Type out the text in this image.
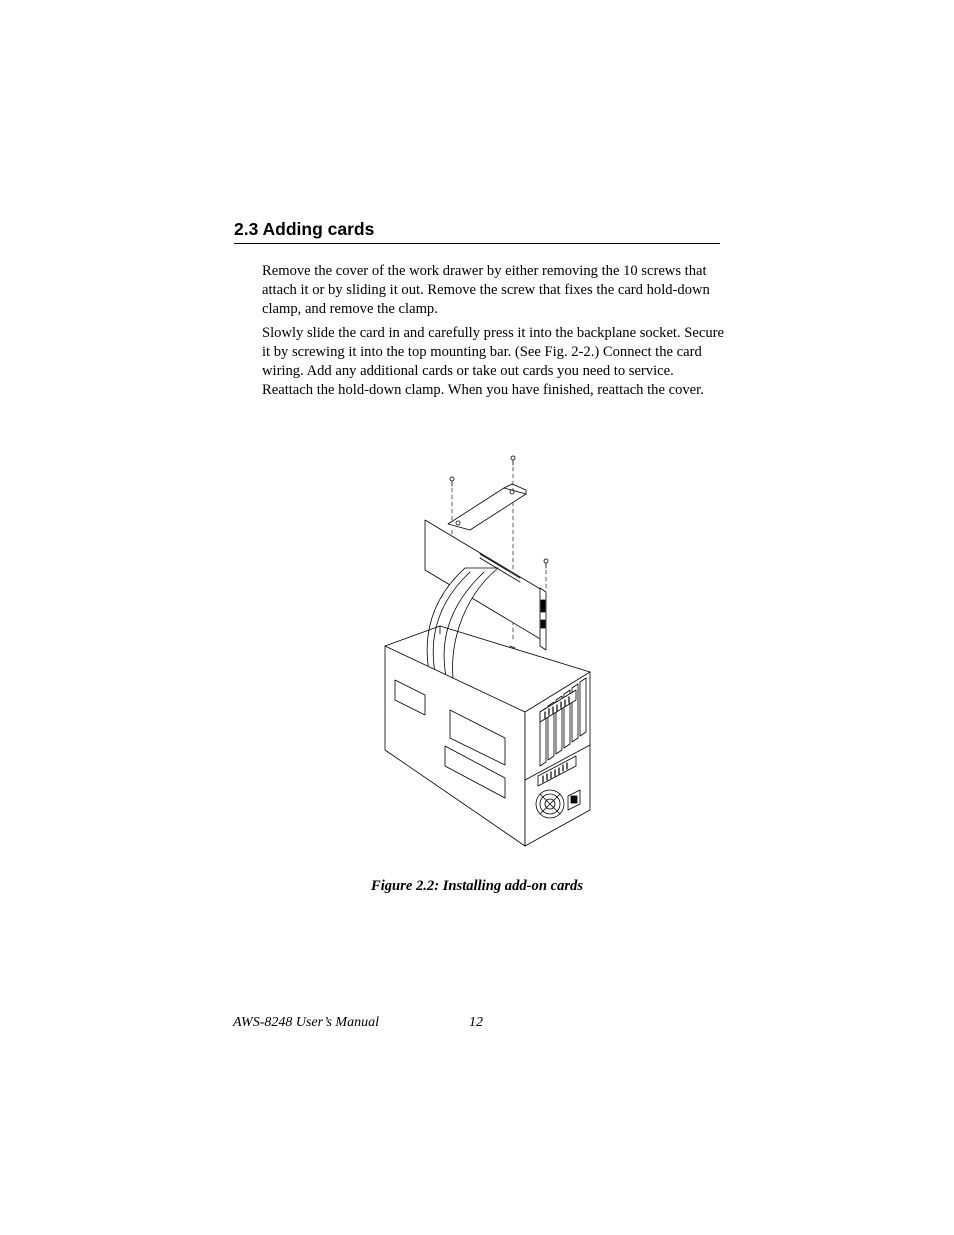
2.3 Adding cards

Remove the cover of the work drawer by either removing the 10 screws that attach it or by sliding it out. Remove the screw that fixes the card hold-down clamp, and remove the clamp.

Slowly slide the card in and carefully press it into the backplane socket. Secure it by screwing it into the top mounting bar. (See Fig. 2-2.) Connect the card wiring. Add any additional cards or take out cards you need to service. Reattach the hold-down clamp. When you have finished, reattach the cover.

Figure 2.2: Installing add-on cards
AWS-8248 User’s Manual	12
